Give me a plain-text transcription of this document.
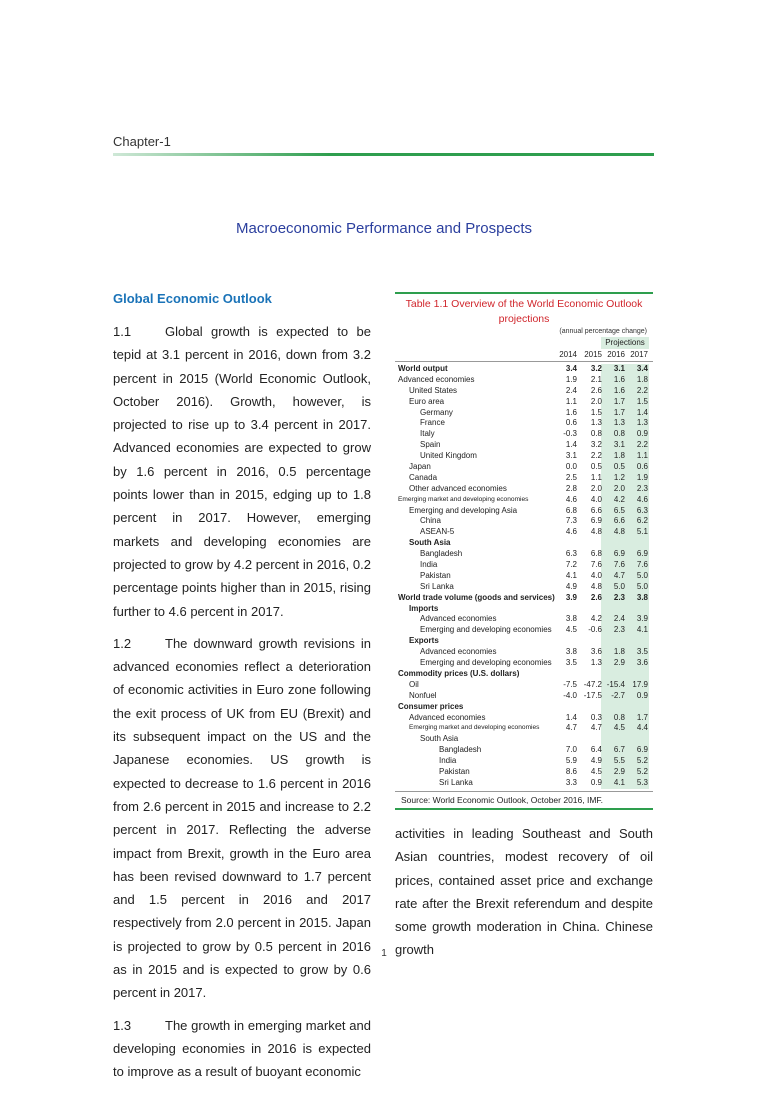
Chapter-1
Macroeconomic Performance and Prospects
Global Economic Outlook

1.1	Global growth is expected to be tepid at 3.1 percent in 2016, down from 3.2 percent in 2015 (World Economic Outlook, October 2016). Growth, however, is projected to rise up to 3.4 percent in 2017. Advanced economies are expected to grow by 1.6 percent in 2016, 0.5 percentage points lower than in 2015, edging up to 1.8 percent in 2017. However, emerging markets and developing economies are projected to grow by 4.2 percent in 2016, 0.2 percentage points higher than in 2015, rising further to 4.6 percent in 2017.

1.2	The downward growth revisions in advanced economies reflect a deterioration of economic activities in Euro zone following the exit process of UK from EU (Brexit) and its subsequent impact on the US and the Japanese economies. US growth is expected to decrease to 1.6 percent in 2016 from 2.6 percent in 2015 and increase to 2.2 percent in 2017. Reflecting the adverse impact from Brexit, growth in the Euro area has been revised downward to 1.7 percent and 1.5 percent in 2016 and 2017 respectively from 2.0 percent in 2015. Japan is projected to grow by 0.5 percent in 2016 as in 2015 and is expected to grow by 0.6 percent in 2017.

1.3	The growth in emerging market and developing economies in 2016 is expected to improve as a result of buoyant economic

Table 1.1 Overview of the World Economic Outlook projections
(annual percentage change)
Projections
2014 2015 2016 2017
World output	3.4	3.2	3.1	3.4
Advanced economies	1.9	2.1	1.6	1.8
United States	2.4	2.6	1.6	2.2
Euro area	1.1	2.0	1.7	1.5
Germany	1.6	1.5	1.7	1.4
France	0.6	1.3	1.3	1.3
Italy	-0.3	0.8	0.8	0.9
Spain	1.4	3.2	3.1	2.2
United Kingdom	3.1	2.2	1.8	1.1
Japan	0.0	0.5	0.5	0.6
Canada	2.5	1.1	1.2	1.9
Other advanced economies	2.8	2.0	2.0	2.3
Emerging market and developing economies	4.6	4.0	4.2	4.6
Emerging and developing Asia	6.8	6.6	6.5	6.3
China	7.3	6.9	6.6	6.2
ASEAN-5	4.6	4.8	4.8	5.1
South Asia
Bangladesh	6.3	6.8	6.9	6.9
India	7.2	7.6	7.6	7.6
Pakistan	4.1	4.0	4.7	5.0
Sri Lanka	4.9	4.8	5.0	5.0
World trade volume (goods and services)	3.9	2.6	2.3	3.8
Imports
Advanced economies	3.8	4.2	2.4	3.9
Emerging and developing economies	4.5	-0.6	2.3	4.1
Exports
Advanced economies	3.8	3.6	1.8	3.5
Emerging and developing economies	3.5	1.3	2.9	3.6
Commodity prices (U.S. dollars)
Oil	-7.5 -47.2 -15.4 17.9
Nonfuel	-4.0 -17.5	-2.7	0.9
Consumer prices
Advanced economies	1.4	0.3	0.8	1.7
Emerging market and developing economies	4.7	4.7	4.5	4.4
South Asia
Bangladesh	7.0	6.4	6.7	6.9
India	5.9	4.9	5.5	5.2
Pakistan	8.6	4.5	2.9	5.2
Sri Lanka	3.3	0.9	4.1	5.3
Source: World Economic Outlook, October 2016, IMF.

activities in leading Southeast and South Asian countries, modest recovery of oil prices, contained asset price and exchange rate after the Brexit referendum and despite some growth moderation in China. Chinese growth

1
